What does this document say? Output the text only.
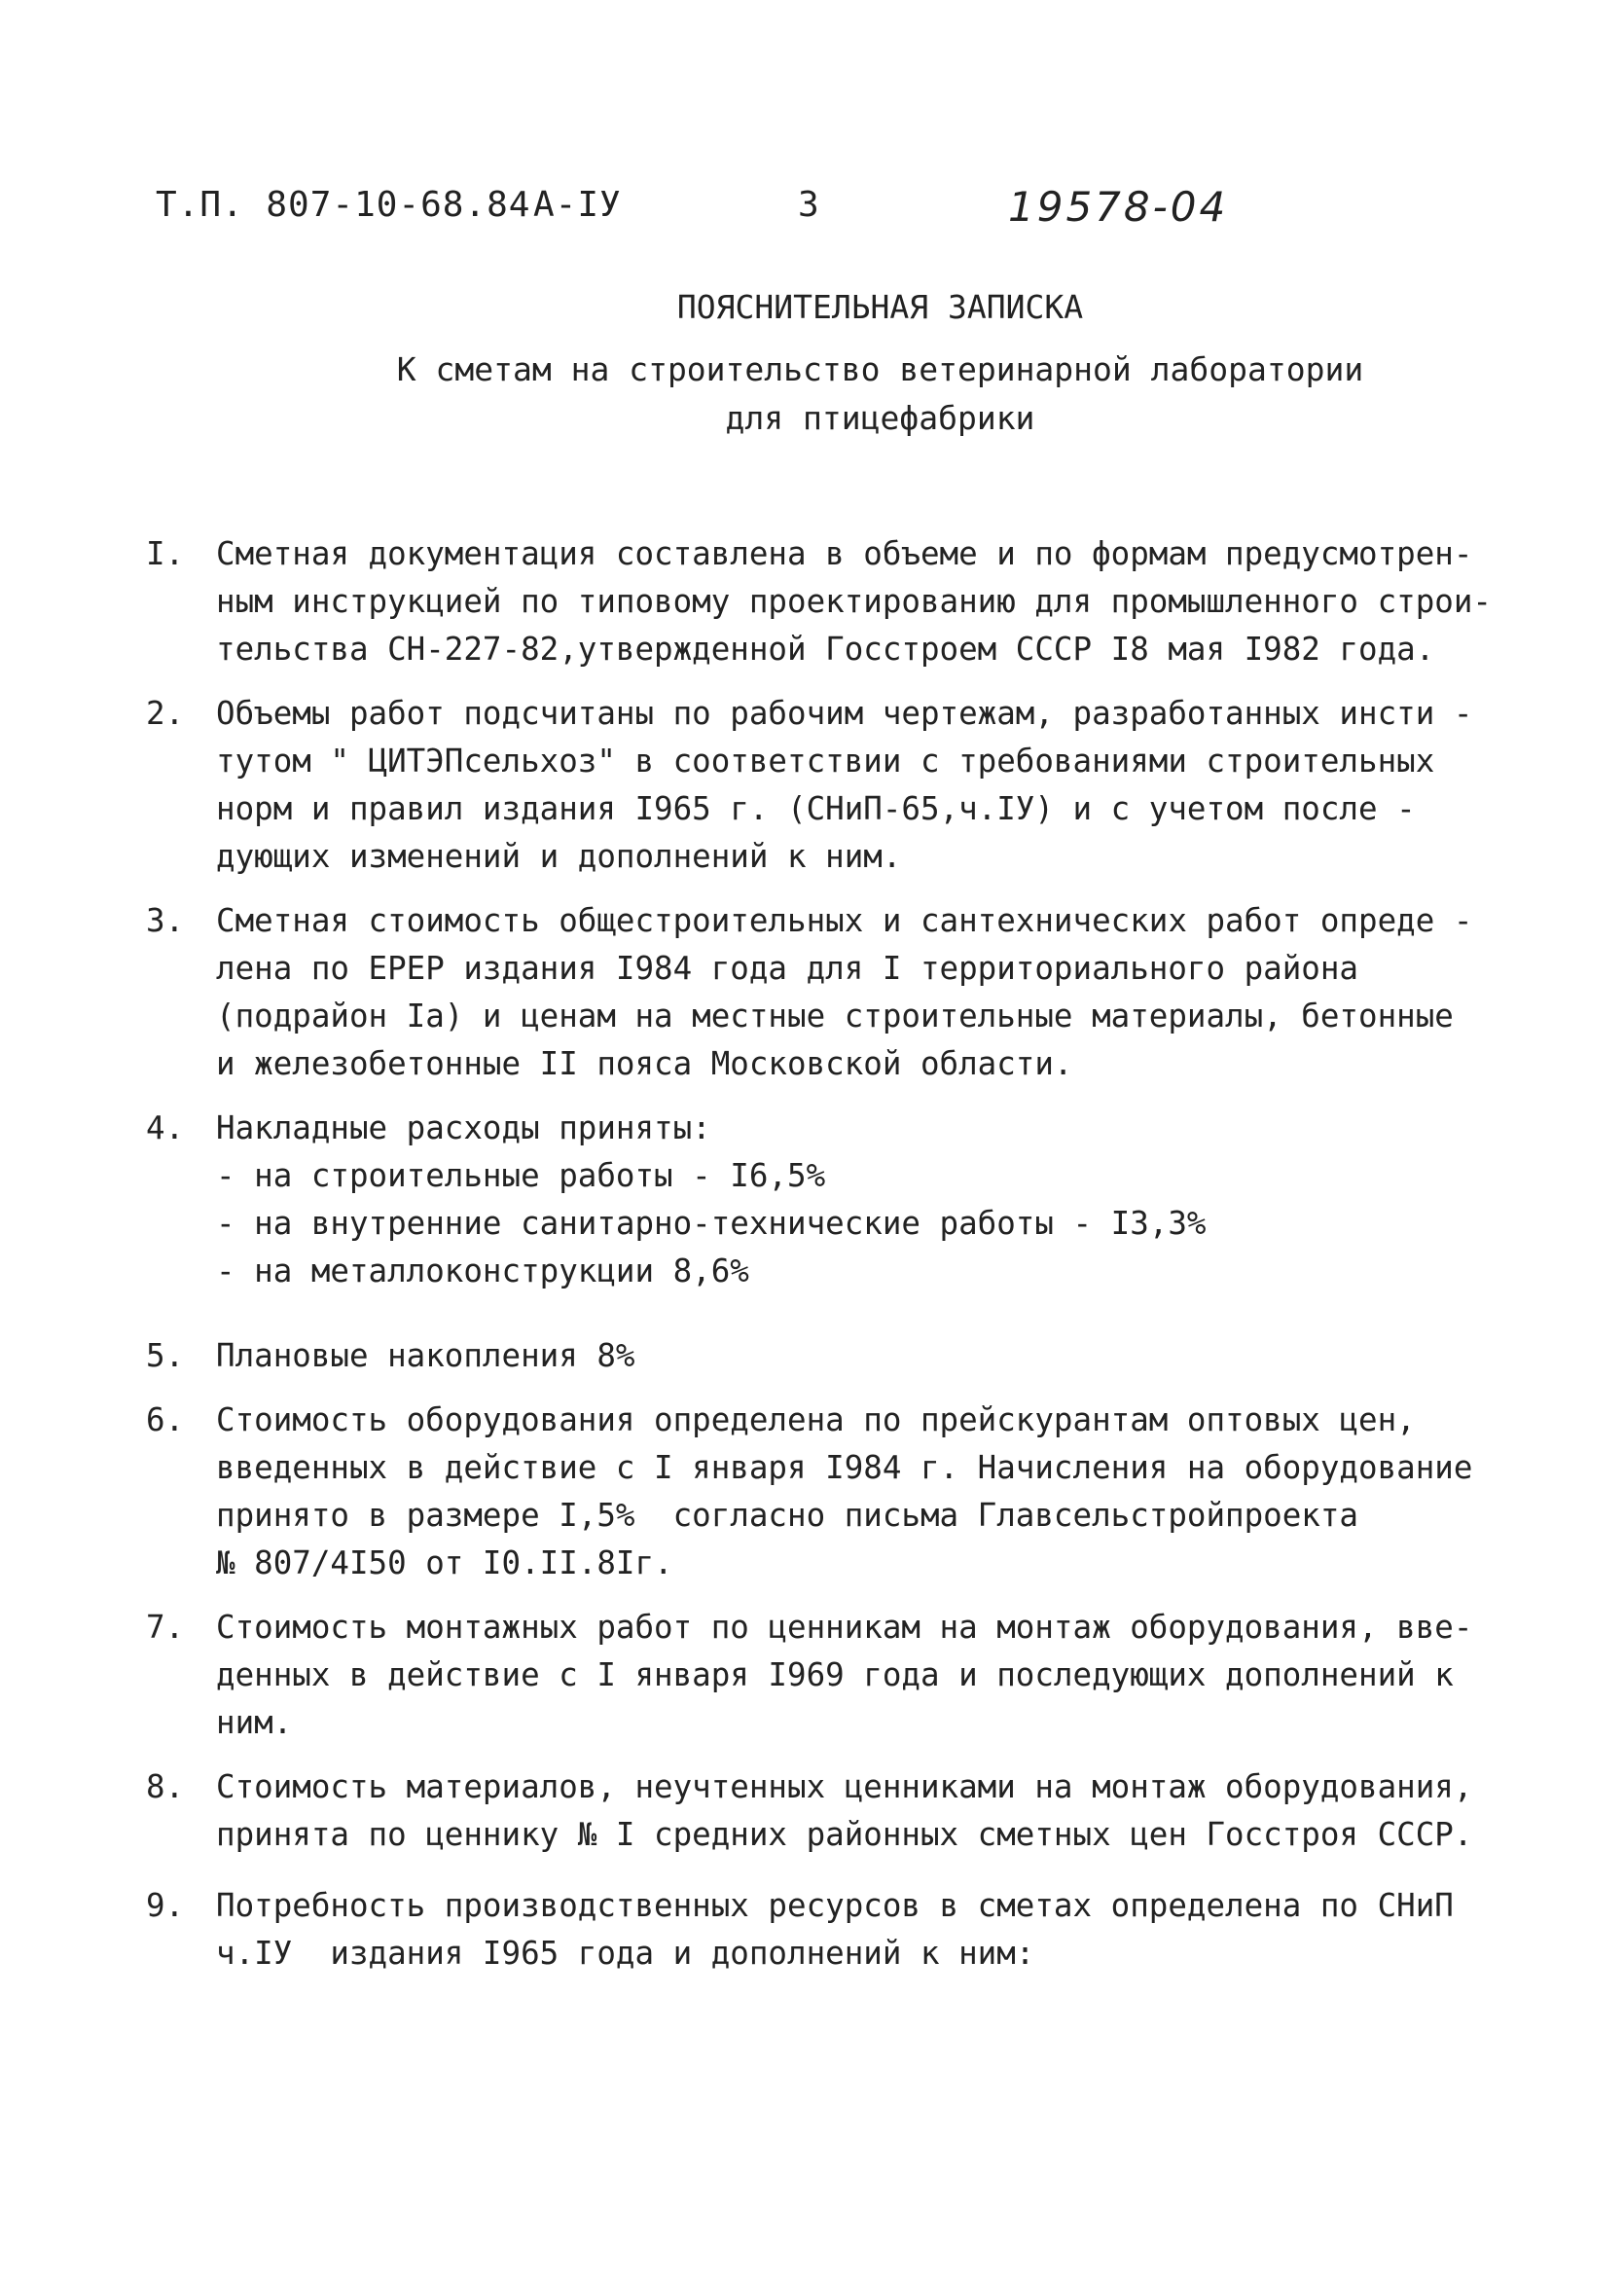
Т.П. 807-10-68.84 А-IУ	3	19578-04
ПОЯСНИТЕЛЬНАЯ ЗАПИСКА
К сметам на строительство ветеринарной лаборатории
для птицефабрики
I.	Сметная документация составлена в объеме и по формам предусмотрен-
ным инструкцией по типовому проектированию для промышленного строи-
тельства СН-227-82,утвержденной Госстроем СССР I8 мая I982 года.
2.	Объемы работ подсчитаны по рабочим чертежам, разработанных инсти -
тутом " ЦИТЭПсельхоз" в соответствии с требованиями строительных
норм и правил издания I965 г. (СНиП-65,ч.IУ) и с учетом после -
дующих изменений и дополнений к ним.
3.	Сметная стоимость общестроительных и сантехнических работ опреде -
лена по ЕРЕР издания I984 года для I территориального района
(подрайон Iа) и ценам на местные строительные материалы, бетонные
и железобетонные II пояса Московской области.
4.	Накладные расходы приняты:
- на строительные работы - I6,5%
- на внутренние санитарно-технические работы - I3,3%
- на металлоконструкции 8,6%
5.	Плановые накопления 8%
6.	Стоимость оборудования определена по прейскурантам оптовых цен,
введенных в действие с I января I984 г. Начисления на оборудование
принято в размере I,5%  согласно письма Главсельстройпроекта
№ 807/4I50 от I0.II.8Iг.
7.	Стоимость монтажных работ по ценникам на монтаж оборудования, вве-
денных в действие с I января I969 года и последующих дополнений к
ним.
8.	Стоимость материалов, неучтенных ценниками на монтаж оборудования,
принята по ценнику № I средних районных сметных цен Госстроя СССР.
9.	Потребность производственных ресурсов в сметах определена по СНиП
ч.IУ  издания I965 года и дополнений к ним:
